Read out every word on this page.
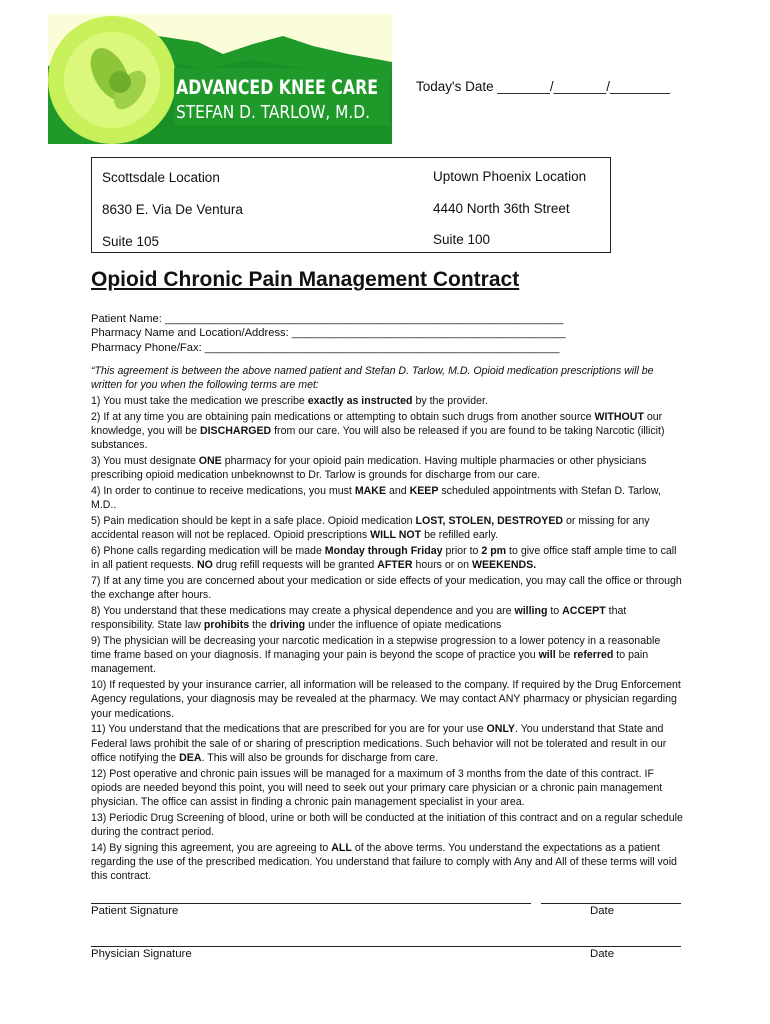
ADVANCED KNEE CARE
STEFAN D. TARLOW, M.D.
Today's Date _______/_______/________
Scottsdale Location
8630 E. Via De Ventura
Suite 105
Uptown Phoenix Location
4440 North 36th Street
Suite 100
Opioid Chronic Pain Management Contract
Patient Name: ________________________________________________________________
Pharmacy Name and Location/Address: ____________________________________________
Pharmacy Phone/Fax: _________________________________________________________

“This agreement is between the above named patient and Stefan D. Tarlow, M.D. Opioid medication prescriptions will be written for you when the following terms are met:

1) You must take the medication we prescribe exactly as instructed by the provider.

2) If at any time you are obtaining pain medications or attempting to obtain such drugs from another source WITHOUT our knowledge, you will be DISCHARGED from our care. You will also be released if you are found to be taking Narcotic (illicit) substances.

3) You must designate ONE pharmacy for your opioid pain medication. Having multiple pharmacies or other physicians prescribing opioid medication unbeknownst to Dr. Tarlow is grounds for discharge from our care.

4) In order to continue to receive medications, you must MAKE and KEEP scheduled appointments with Stefan D. Tarlow, M.D..

5) Pain medication should be kept in a safe place. Opioid medication LOST, STOLEN, DESTROYED or missing for any accidental reason will not be replaced. Opioid prescriptions WILL NOT be refilled early.

6) Phone calls regarding medication will be made Monday through Friday prior to 2 pm to give office staff ample time to call in all patient requests. NO drug refill requests will be granted AFTER hours or on WEEKENDS.

7) If at any time you are concerned about your medication or side effects of your medication, you may call the office or through the exchange after hours.

8) You understand that these medications may create a physical dependence and you are willing to ACCEPT that responsibility. State law prohibits the driving under the influence of opiate medications

9) The physician will be decreasing your narcotic medication in a stepwise progression to a lower potency in a reasonable time frame based on your diagnosis. If managing your pain is beyond the scope of practice you will be referred to pain management.

10) If requested by your insurance carrier, all information will be released to the company. If required by the Drug Enforcement Agency regulations, your diagnosis may be revealed at the pharmacy. We may contact ANY pharmacy or physician regarding your medications.

11) You understand that the medications that are prescribed for you are for your use ONLY. You understand that State and Federal laws prohibit the sale of or sharing of prescription medications. Such behavior will not be tolerated and result in our office notifying the DEA. This will also be grounds for discharge from care.

12) Post operative and chronic pain issues will be managed for a maximum of 3 months from the date of this contract. IF opiods are needed beyond this point, you will need to seek out your primary care physician or a chronic pain management physician. The office can assist in finding a chronic pain management specialist in your area.

13) Periodic Drug Screening of blood, urine or both will be conducted at the initiation of this contract and on a regular schedule during the contract period.

14) By signing this agreement, you are agreeing to ALL of the above terms. You understand the expectations as a patient regarding the use of the prescribed medication. You understand that failure to comply with Any and All of these terms will void this contract.

Patient Signature	Date
Physician Signature	Date
